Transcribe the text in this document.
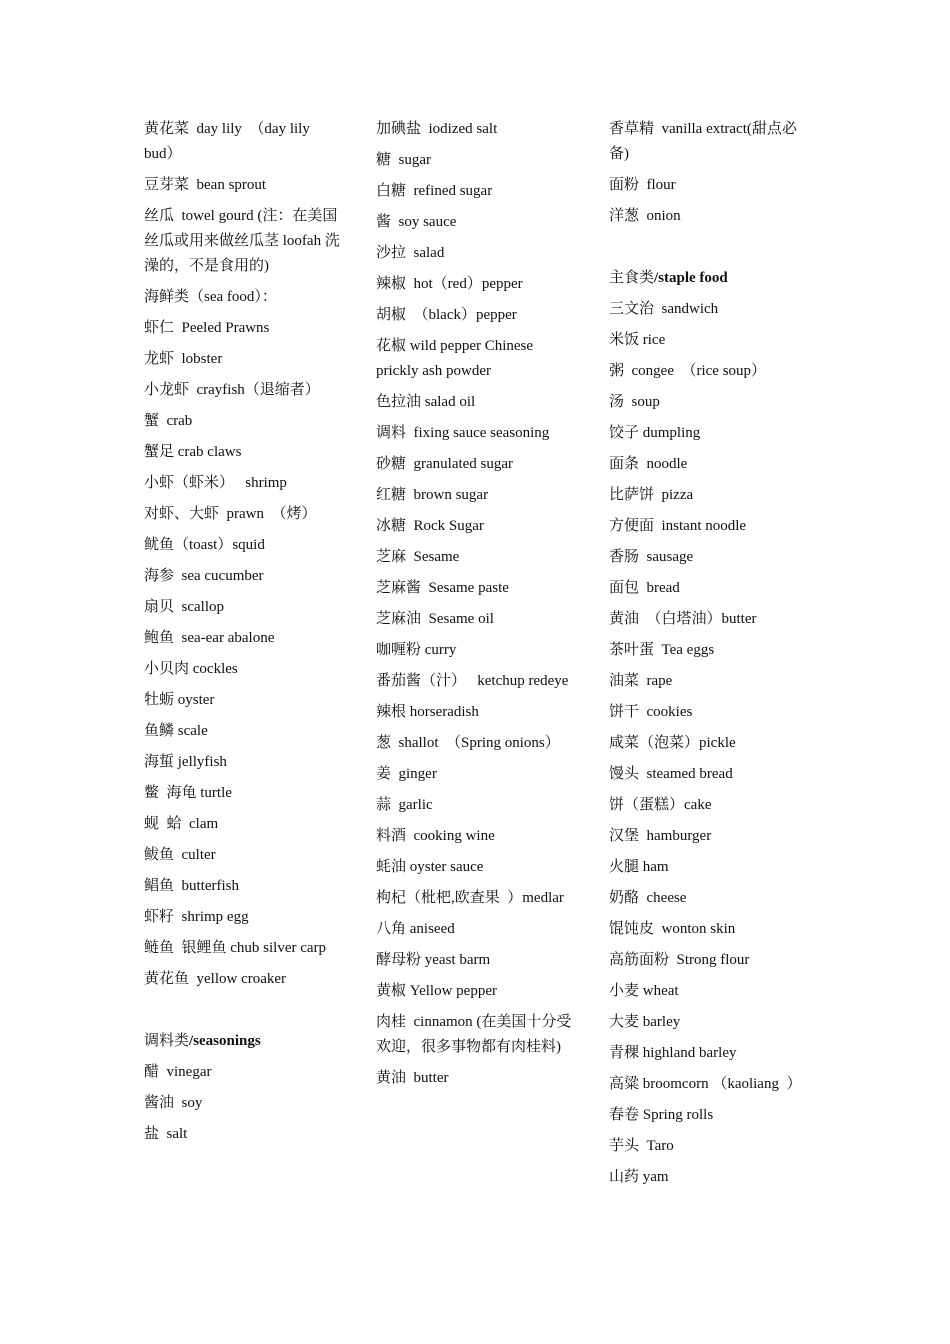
黄花菜  day lily  （day lily bud）
豆芽菜  bean sprout
丝瓜  towel gourd (注：在美国丝瓜或用来做丝瓜茎 loofah 洗澡的，不是食用的)
海鲜类（sea food）：
虾仁  Peeled Prawns
龙虾  lobster
小龙虾  crayfish（退缩者）
蟹  crab
蟹足 crab claws
小虾（虾米）   shrimp
对虾、大虾  prawn  （烤）
鱿鱼（toast）squid
海参  sea cucumber
扇贝  scallop
鲍鱼  sea-ear abalone
小贝肉 cockles
牡蛎 oyster
鱼鳞 scale
海蜇 jellyfish
鳖  海龟 turtle
蚬  蛤  clam
鲅鱼  culter
鲳鱼  butterfish
虾籽  shrimp egg
鲢鱼  银鲤鱼 chub silver carp
黄花鱼  yellow croaker
调料类/seasonings
醋  vinegar
酱油  soy
盐  salt
加碘盐  iodized salt
糖  sugar
白糖  refined sugar
酱  soy sauce
沙拉  salad
辣椒  hot（red）pepper
胡椒  （black）pepper
花椒 wild pepper Chinese prickly ash powder
色拉油 salad oil
调料  fixing sauce seasoning
砂糖  granulated sugar
红糖  brown sugar
冰糖  Rock Sugar
芝麻  Sesame
芝麻酱  Sesame paste
芝麻油  Sesame oil
咖喱粉 curry
番茄酱（汁）   ketchup redeye
辣根 horseradish
葱  shallot  （Spring onions）
姜  ginger
蒜  garlic
料酒  cooking wine
蚝油 oyster sauce
枸杞（枇杷,欧查果  ）medlar
八角 aniseed
酵母粉 yeast barm
黄椒 Yellow pepper
肉桂  cinnamon (在美国十分受欢迎，很多事物都有肉桂料)
黄油  butter
香草精  vanilla extract(甜点必备)
面粉  flour
洋葱  onion
主食类/staple food
三文治  sandwich
米饭 rice
粥  congee  （rice soup）
汤  soup
饺子 dumpling
面条  noodle
比萨饼  pizza
方便面  instant noodle
香肠  sausage
面包  bread
黄油  （白塔油）butter
茶叶蛋  Tea eggs
油菜  rape
饼干  cookies
咸菜（泡菜）pickle
馒头  steamed bread
饼（蛋糕）cake
汉堡  hamburger
火腿 ham
奶酪  cheese
馄饨皮  wonton skin
高筋面粉  Strong flour
小麦 wheat
大麦 barley
青稞 highland barley
高粱 broomcorn （kaoliang  ）
春卷 Spring rolls
芋头  Taro
山药 yam
